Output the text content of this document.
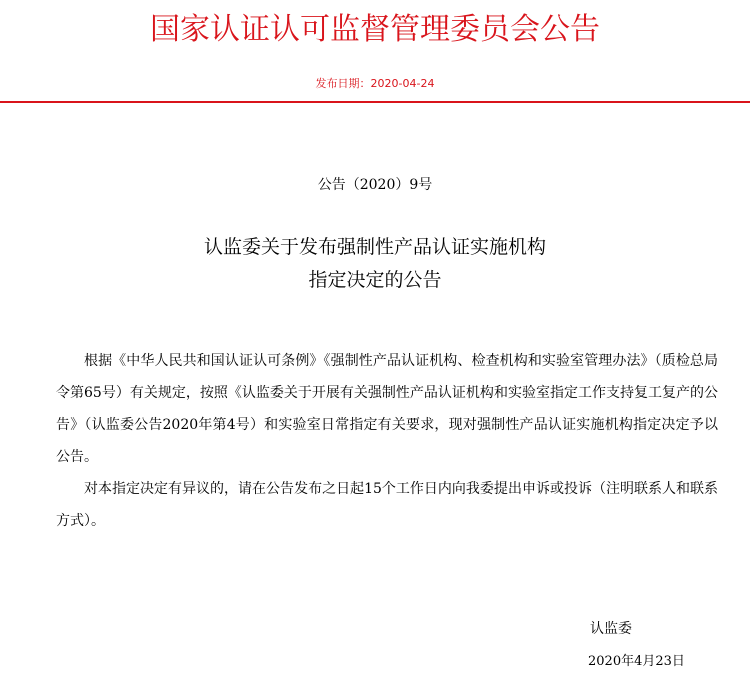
国家认证认可监督管理委员会公告
发布日期：2020-04-24
公告（2020）9号
认监委关于发布强制性产品认证实施机构
指定决定的公告

根据《中华人民共和国认证认可条例》《强制性产品认证机构、检查机构和实验室管理办法》（质检总局令第65号）有关规定，按照《认监委关于开展有关强制性产品认证机构和实验室指定工作支持复工复产的公告》（认监委公告2020年第4号）和实验室日常指定有关要求，现对强制性产品认证实施机构指定决定予以公告。

对本指定决定有异议的，请在公告发布之日起15个工作日内向我委提出申诉或投诉（注明联系人和联系方式）。

认监委
2020年4月23日
